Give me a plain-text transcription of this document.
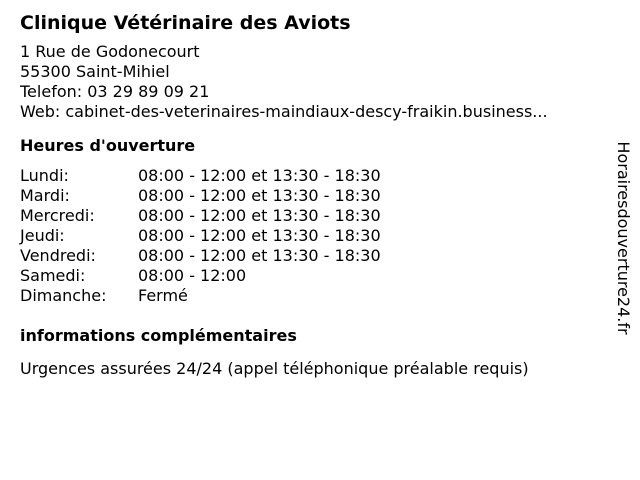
Clinique Vétérinaire des Aviots
1 Rue de Godonecourt
55300 Saint-Mihiel
Telefon: 03 29 89 09 21
Web: cabinet-des-veterinaires-maindiaux-descy-fraikin.business...
Heures d'ouverture
Lundi:	08:00 - 12:00 et 13:30 - 18:30
Mardi:	08:00 - 12:00 et 13:30 - 18:30
Mercredi:	08:00 - 12:00 et 13:30 - 18:30
Jeudi:	08:00 - 12:00 et 13:30 - 18:30
Vendredi:	08:00 - 12:00 et 13:30 - 18:30
Samedi:	08:00 - 12:00
Dimanche:	Fermé
informations complémentaires
Urgences assurées 24/24 (appel téléphonique préalable requis)
Horairesdouverture24.fr
